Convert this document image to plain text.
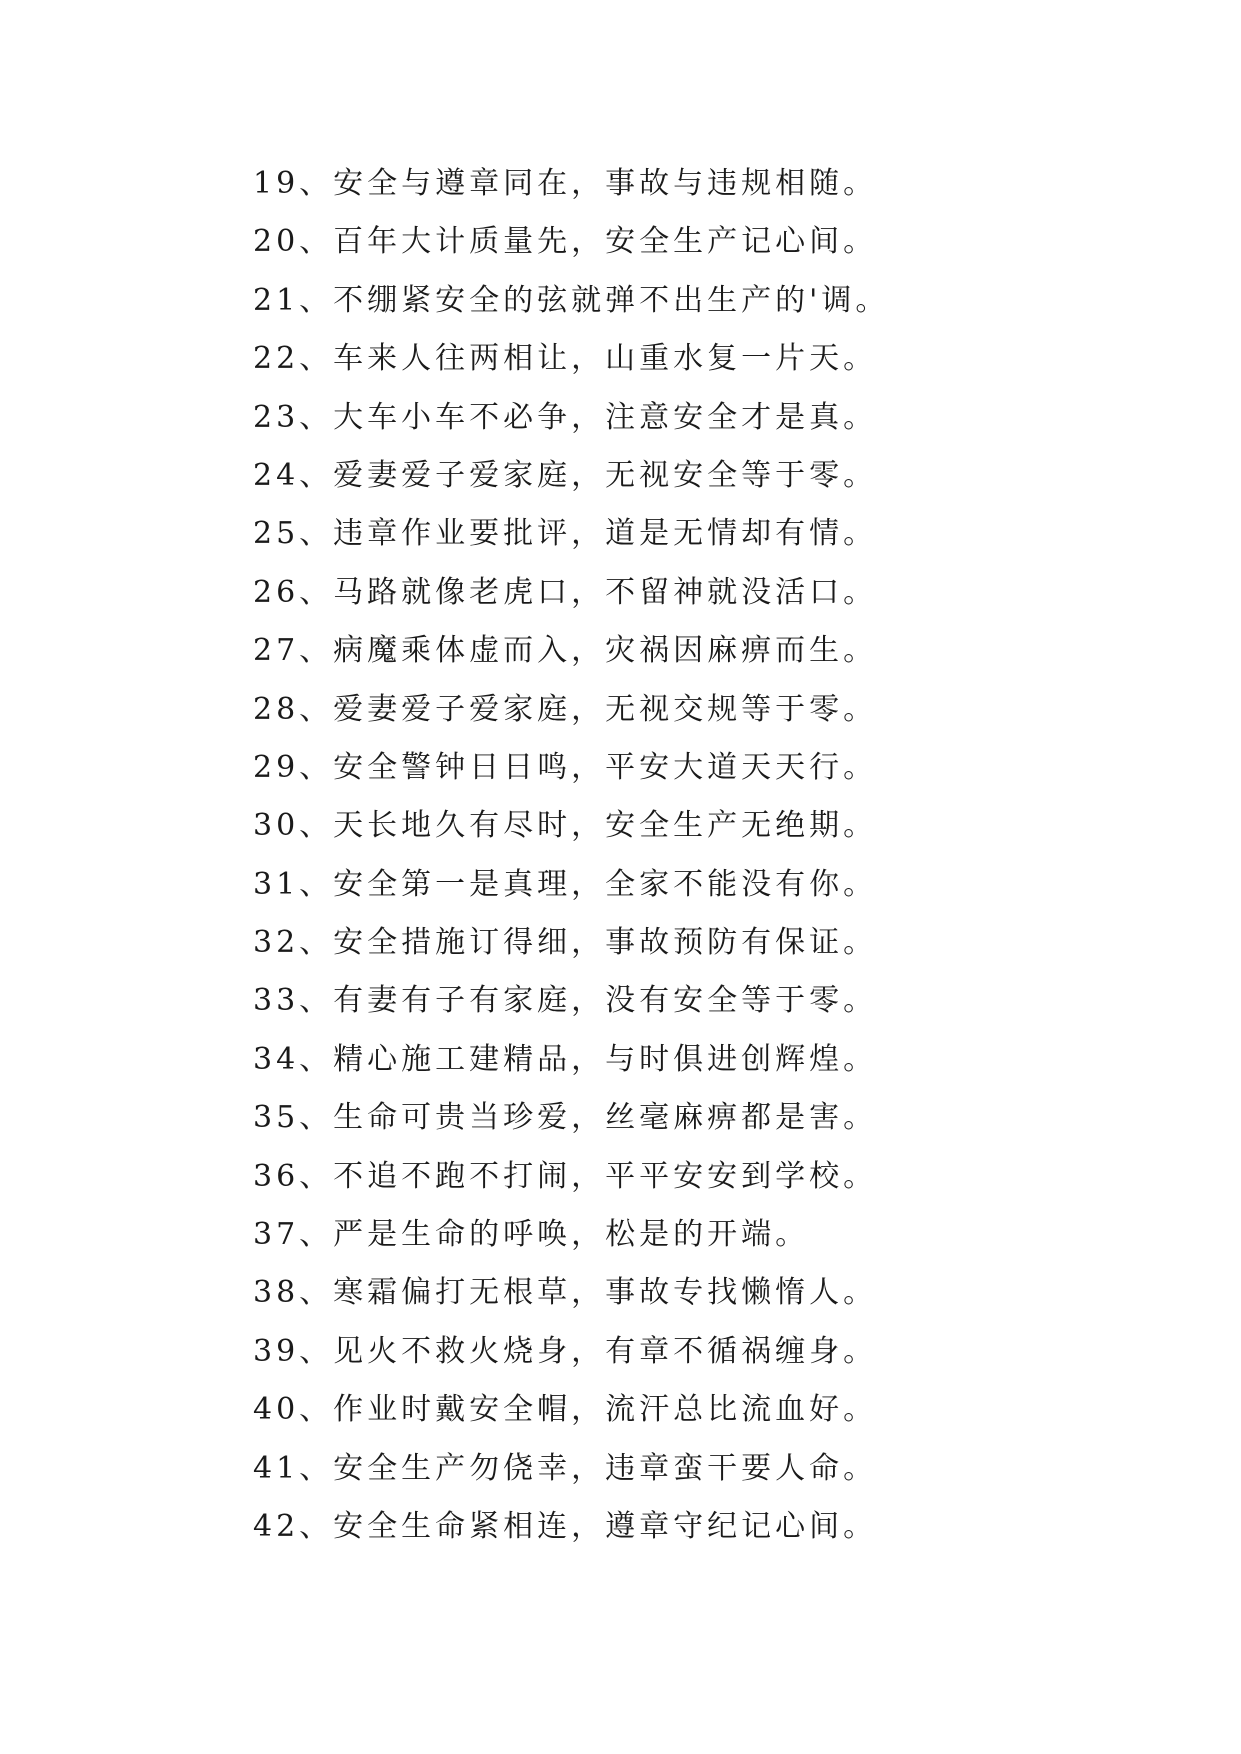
19、安全与遵章同在，事故与违规相随。
20、百年大计质量先，安全生产记心间。
21、不绷紧安全的弦就弹不出生产的'调。
22、车来人往两相让，山重水复一片天。
23、大车小车不必争，注意安全才是真。
24、爱妻爱子爱家庭，无视安全等于零。
25、违章作业要批评，道是无情却有情。
26、马路就像老虎口，不留神就没活口。
27、病魔乘体虚而入，灾祸因麻痹而生。
28、爱妻爱子爱家庭，无视交规等于零。
29、安全警钟日日鸣，平安大道天天行。
30、天长地久有尽时，安全生产无绝期。
31、安全第一是真理，全家不能没有你。
32、安全措施订得细，事故预防有保证。
33、有妻有子有家庭，没有安全等于零。
34、精心施工建精品，与时俱进创辉煌。
35、生命可贵当珍爱，丝毫麻痹都是害。
36、不追不跑不打闹，平平安安到学校。
37、严是生命的呼唤，松是的开端。
38、寒霜偏打无根草，事故专找懒惰人。
39、见火不救火烧身，有章不循祸缠身。
40、作业时戴安全帽，流汗总比流血好。
41、安全生产勿侥幸，违章蛮干要人命。
42、安全生命紧相连，遵章守纪记心间。
